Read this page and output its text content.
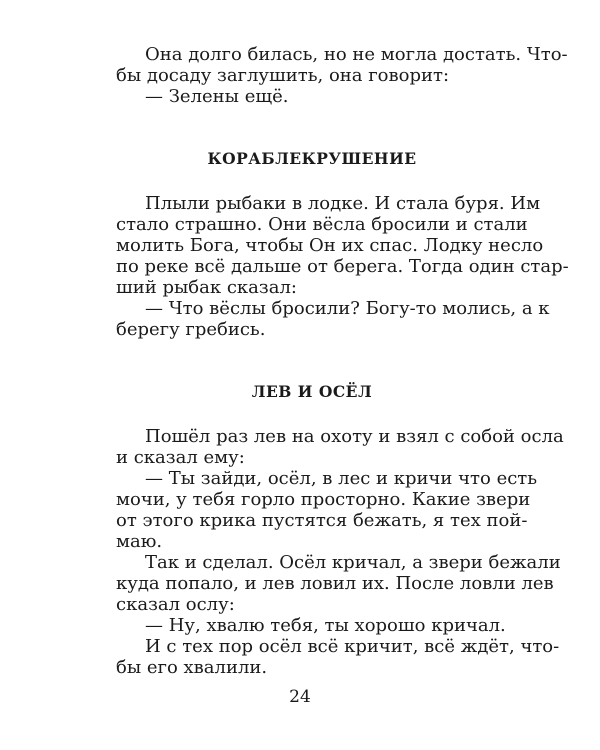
Она долго билась, но не могла достать. Что-
бы досаду заглушить, она говорит:
— Зелены ещё.
КОРАБЛЕКРУШЕНИЕ
Плыли рыбаки в лодке. И стала буря. Им
стало страшно. Они вёсла бросили и стали
молить Бога, чтобы Он их спас. Лодку несло
по реке всё дальше от берега. Тогда один стар-
ший рыбак сказал:
— Что вёслы бросили? Богу-то молись, а к
берегу гребись.
ЛЕВ И ОСЁЛ
Пошёл раз лев на охоту и взял с собой осла
и сказал ему:
— Ты зайди, осёл, в лес и кричи что есть
мочи, у тебя горло просторно. Какие звери
от этого крика пустятся бежать, я тех пой-
маю.
Так и сделал. Осёл кричал, а звери бежали
куда попало, и лев ловил их. После ловли лев
сказал ослу:
— Ну, хвалю тебя, ты хорошо кричал.
И с тех пор осёл всё кричит, всё ждёт, что-
бы его хвалили.
24
